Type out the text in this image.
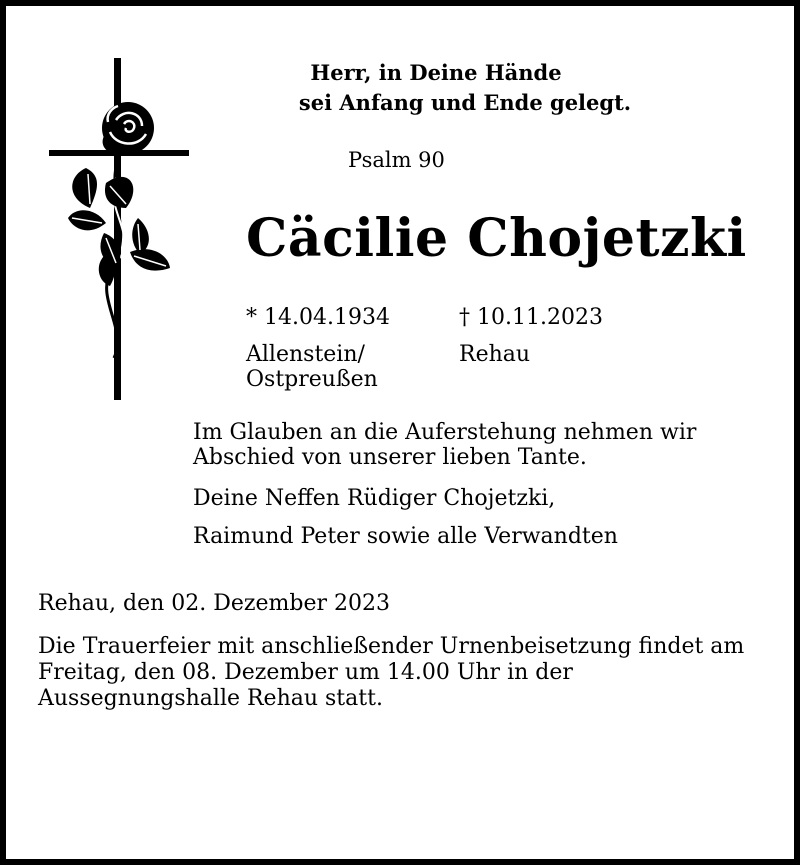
Herr, in Deine Hände
sei Anfang und Ende gelegt.
Psalm 90
Cäcilie Chojetzki
* 14.04.1934	† 10.11.2023
Allenstein/ Ostpreußen
Rehau
Im Glauben an die Auferstehung nehmen wir Abschied von unserer lieben Tante.
Deine Neffen Rüdiger Chojetzki,
Raimund Peter sowie alle Verwandten
Rehau, den 02. Dezember 2023
Die Trauerfeier mit anschließender Urnenbeisetzung findet am Freitag, den 08. Dezember um 14.00 Uhr in der Aussegnungshalle Rehau statt.
